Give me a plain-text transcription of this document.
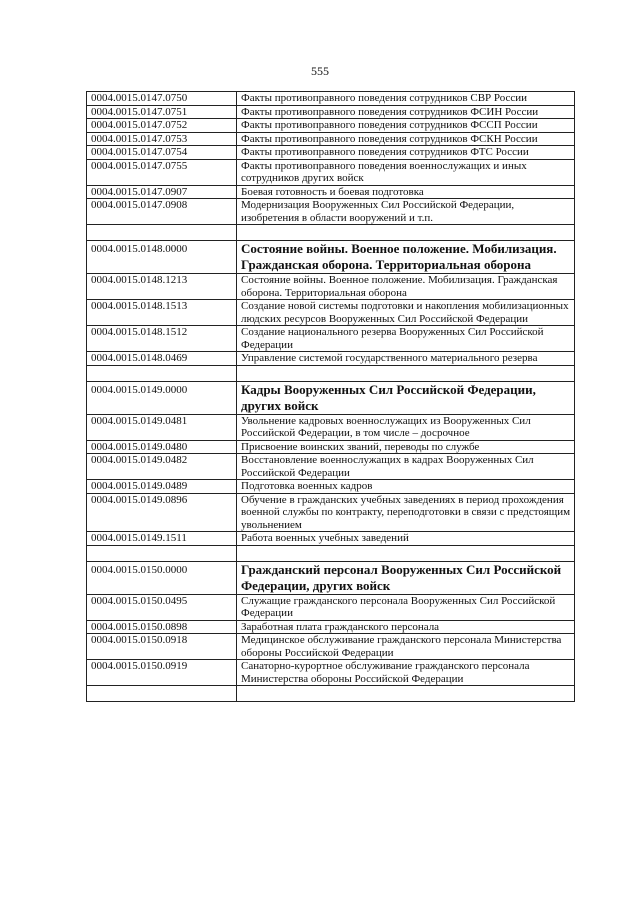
555
0004.0015.0147.0750	Факты противоправного поведения сотрудников СВР России
0004.0015.0147.0751	Факты противоправного поведения сотрудников ФСИН России
0004.0015.0147.0752	Факты противоправного поведения сотрудников ФССП России
0004.0015.0147.0753	Факты противоправного поведения сотрудников ФСКН России
0004.0015.0147.0754	Факты противоправного поведения сотрудников ФТС России
0004.0015.0147.0755	Факты противоправного поведения военнослужащих и иных сотрудников других войск
0004.0015.0147.0907	Боевая готовность и боевая подготовка
0004.0015.0147.0908	Модернизация Вооруженных Сил Российской Федерации, изобретения в области вооружений и т.п.

0004.0015.0148.0000	Состояние войны. Военное положение. Мобилизация. Гражданская оборона. Территориальная оборона
0004.0015.0148.1213	Состояние войны. Военное положение. Мобилизация. Гражданская оборона. Территориальная оборона
0004.0015.0148.1513	Создание новой системы подготовки и накопления мобилизационных людских ресурсов Вооруженных Сил Российской Федерации
0004.0015.0148.1512	Создание национального резерва Вооруженных Сил Российской Федерации
0004.0015.0148.0469	Управление системой государственного материального резерва

0004.0015.0149.0000	Кадры Вооруженных Сил Российской Федерации, других войск
0004.0015.0149.0481	Увольнение кадровых военнослужащих из Вооруженных Сил Российской Федерации, в том числе – досрочное
0004.0015.0149.0480	Присвоение воинских званий, переводы по службе
0004.0015.0149.0482	Восстановление военнослужащих в кадрах Вооруженных Сил Российской Федерации
0004.0015.0149.0489	Подготовка военных кадров
0004.0015.0149.0896	Обучение в гражданских учебных заведениях в период прохождения военной службы по контракту, переподготовки в связи с предстоящим увольнением
0004.0015.0149.1511	Работа военных учебных заведений

0004.0015.0150.0000	Гражданский персонал Вооруженных Сил Российской Федерации, других войск
0004.0015.0150.0495	Служащие гражданского персонала Вооруженных Сил Российской Федерации
0004.0015.0150.0898	Заработная плата гражданского персонала
0004.0015.0150.0918	Медицинское обслуживание гражданского персонала Министерства обороны Российской Федерации
0004.0015.0150.0919	Санаторно-курортное обслуживание гражданского персонала Министерства обороны Российской Федерации
